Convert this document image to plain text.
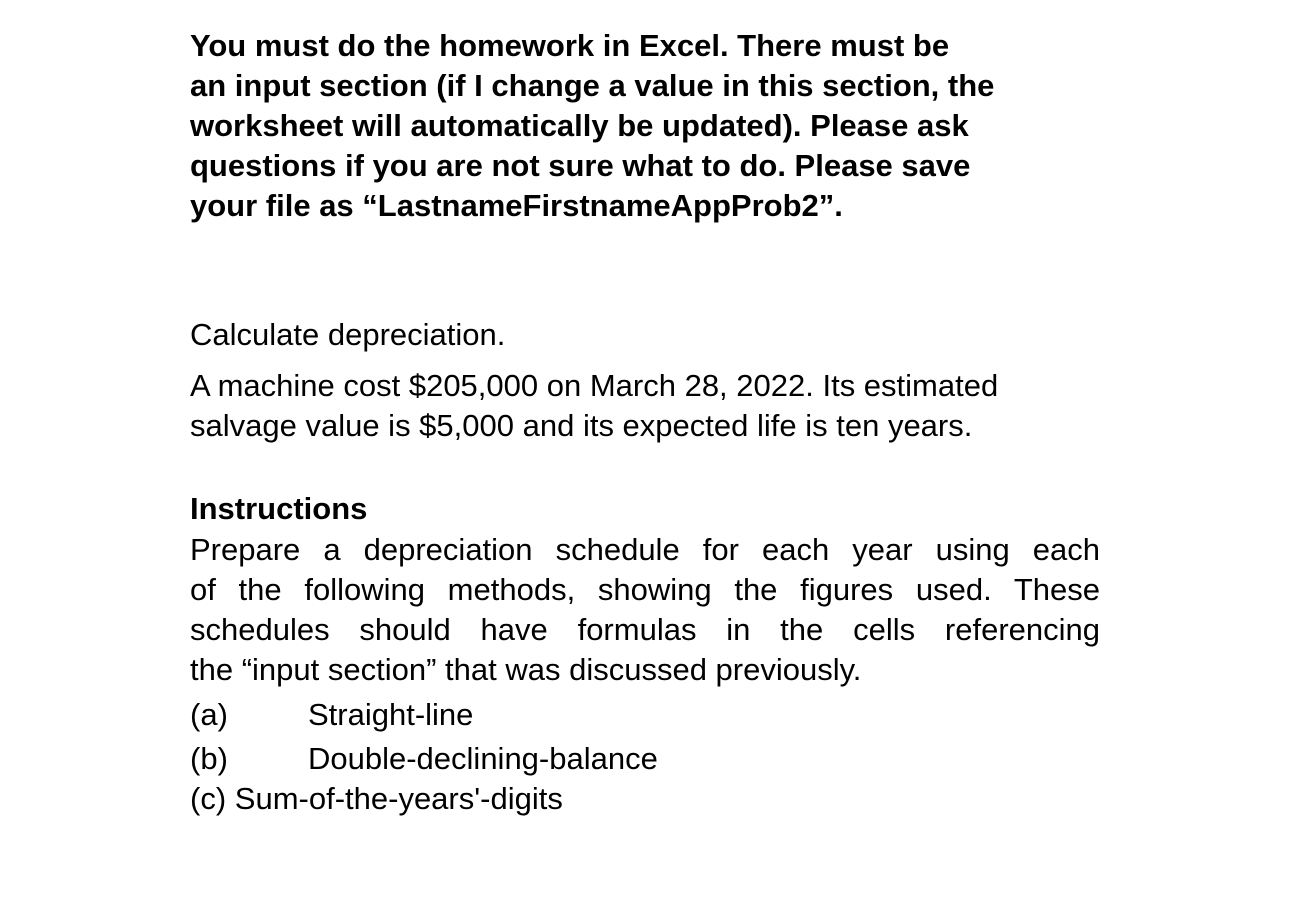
You must do the homework in Excel. There must be
an input section (if I change a value in this section, the
worksheet will automatically be updated). Please ask
questions if you are not sure what to do. Please save
your file as “LastnameFirstnameAppProb2”.

Calculate depreciation.

A machine cost $205,000 on March 28, 2022. Its estimated
salvage value is $5,000 and its expected life is ten years.

Instructions

Prepare a depreciation schedule for each year using each
of the following methods, showing the figures used. These
schedules should have formulas in the cells referencing
the “input section” that was discussed previously.

(a)	Straight-line

(b)	Double-declining-balance

(c) Sum-of-the-years'-digits
